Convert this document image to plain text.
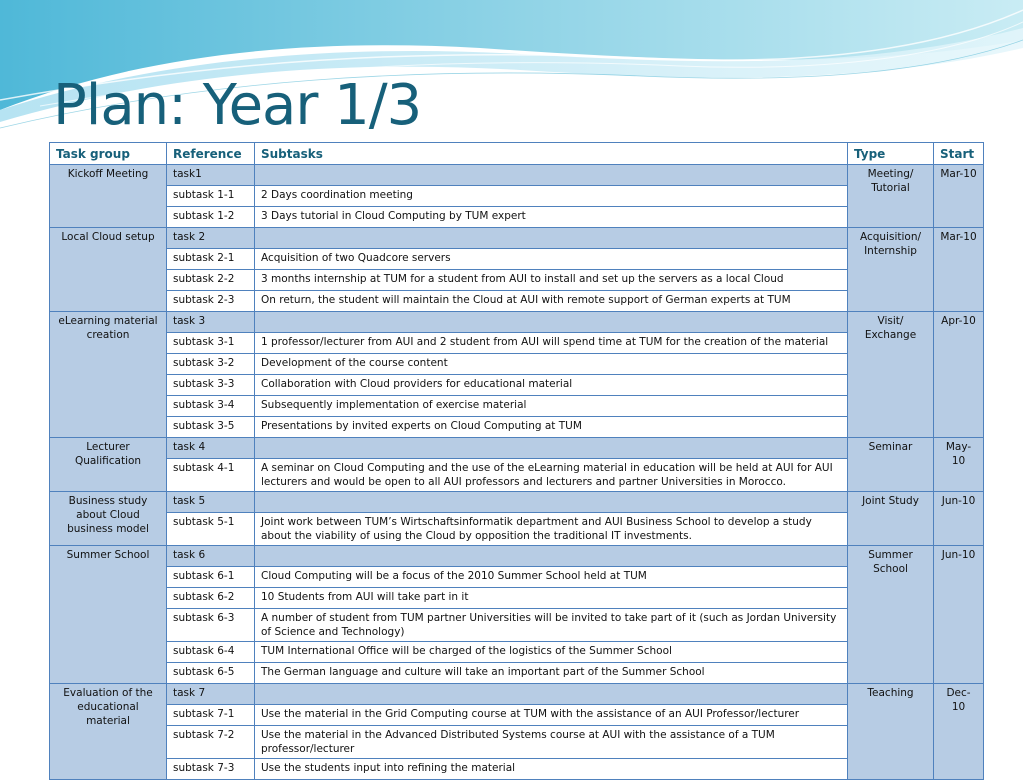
Plan: Year 1/3
Task group	Reference	Subtasks	Type	Start
Kickoff Meeting	task1		Meeting/ Tutorial	Mar-10
	subtask 1-1	2 Days coordination meeting		
	subtask 1-2	3 Days tutorial in Cloud Computing by TUM expert		
Local Cloud setup	task 2		Acquisition/ Internship	Mar-10
	subtask 2-1	Acquisition of two Quadcore servers		
	subtask 2-2	3 months internship at TUM for a student from AUI to install and set up the servers as a local Cloud		
	subtask 2-3	On return, the student will maintain the Cloud at AUI with remote support of German experts at TUM		
eLearning material creation	task 3		Visit/ Exchange	Apr-10
	subtask 3-1	1 professor/lecturer from AUI and 2 student from AUI will spend time at TUM for the creation of the material		
	subtask 3-2	Development of the course content		
	subtask 3-3	Collaboration with Cloud providers for educational material		
	subtask 3-4	Subsequently implementation of exercise material		
	subtask 3-5	Presentations by invited experts on Cloud Computing at TUM		
Lecturer Qualification	task 4		Seminar	May-10
	subtask 4-1	A seminar on Cloud Computing and the use of the eLearning material in education will be held at AUI for AUI lecturers and would be open to all AUI professors and lecturers and partner Universities in Morocco.		
Business study about Cloud business model	task 5		Joint Study	Jun-10
	subtask 5-1	Joint work between TUM’s Wirtschaftsinformatik department and AUI Business School to develop a study about the viability of using the Cloud by opposition the traditional IT investments.		
Summer School	task 6		Summer School	Jun-10
	subtask 6-1	Cloud Computing will be a focus of the 2010 Summer School held at TUM		
	subtask 6-2	10 Students from AUI will take part in it		
	subtask 6-3	A number of student from TUM partner Universities will be invited to take part of it (such as Jordan University of Science and Technology)		
	subtask 6-4	TUM International Office will be charged of the logistics of the Summer School		
	subtask 6-5	The German language and culture will take an important part of the Summer School		
Evaluation of the educational material	task 7		Teaching	Dec-10
	subtask 7-1	Use the material in the Grid Computing course at TUM with the assistance of an AUI Professor/lecturer		
	subtask 7-2	Use the material in the Advanced Distributed Systems course at AUI with the assistance of a TUM professor/lecturer		
	subtask 7-3	Use the students input into refining the material		
